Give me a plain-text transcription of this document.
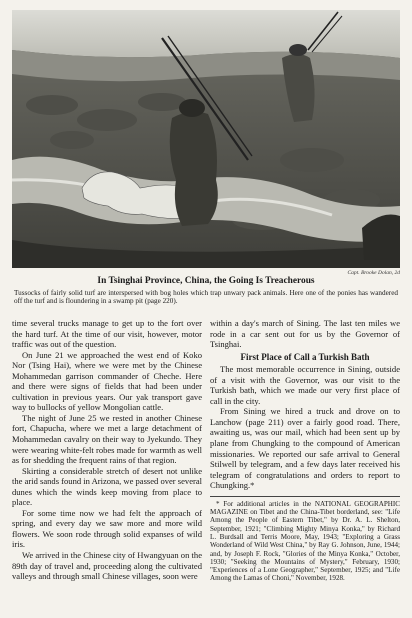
Capt. Brooke Dolan, 2d
In Tsinghai Province, China, the Going Is Treacherous

Tussocks of fairly solid turf are interspersed with bog holes which trap unwary pack animals. Here one of the ponies has wandered off the turf and is floundering in a swamp pit (page 220).

time several trucks manage to get up to the fort over the hard turf. At the time of our visit, however, motor traffic was out of the question.

On June 21 we approached the west end of Koko Nor (Tsing Hai), where we were met by the Chinese Mohammedan garrison commander of Cheche. Here and there were signs of fields that had been under cultivation in previous years. Our yak transport gave way to bullocks of yellow Mongolian cattle.

The night of June 25 we rested in another Chinese fort, Chapucha, where we met a large detachment of Mohammedan cavalry on their way to Jyekundo. They were wearing white-felt robes made for warmth as well as for shedding the frequent rains of that region.

Skirting a considerable stretch of desert not unlike the arid sands found in Arizona, we passed over several dunes which the winds keep moving from place to place.

For some time now we had felt the approach of spring, and every day we saw more and more wild flowers. We soon rode through solid expanses of wild iris.

We arrived in the Chinese city of Hwangyuan on the 89th day of travel and, proceeding along the cultivated valleys and through small Chinese villages, soon were

within a day's march of Sining. The last ten miles we rode in a car sent out for us by the Governor of Tsinghai.

First Place of Call a Turkish Bath

The most memorable occurrence in Sining, outside of a visit with the Governor, was our visit to the Turkish bath, which we made our very first place of call in the city.

From Sining we hired a truck and drove on to Lanchow (page 211) over a fairly good road. There, awaiting us, was our mail, which had been sent up by plane from Chungking to the compound of American missionaries. We reported our safe arrival to General Stilwell by telegram, and a few days later received his telegram of congratulations and orders to report to Chungking.*

* For additional articles in the NATIONAL GEOGRAPHIC MAGAZINE on Tibet and the China-Tibet borderland, see: "Life Among the People of Eastern Tibet," by Dr. A. L. Shelton, September, 1921; "Climbing Mighty Minya Konka," by Richard L. Burdsall and Terris Moore, May, 1943; "Exploring a Grass Wonderland of Wild West China," by Ray G. Johnson, June, 1944; and, by Joseph F. Rock, "Glories of the Minya Konka," October, 1930; "Seeking the Mountains of Mystery," February, 1930; "Experiences of a Lone Geographer," September, 1925; and "Life Among the Lamas of Choni," November, 1928.
